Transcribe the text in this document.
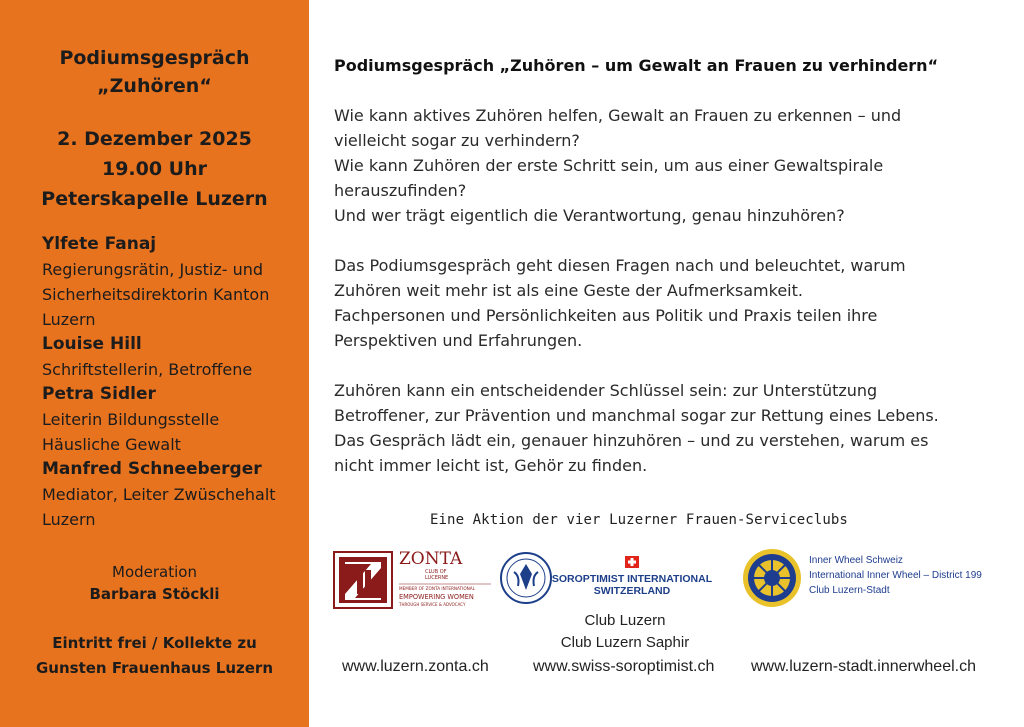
Podiumsgespräch
„Zuhören“
2. Dezember 2025
19.00 Uhr
Peterskapelle Luzern
Ylfete Fanaj
Regierungsrätin, Justiz- und
Sicherheitsdirektorin Kanton
Luzern
Louise Hill
Schriftstellerin, Betroffene
Petra Sidler
Leiterin Bildungsstelle
Häusliche Gewalt
Manfred Schneeberger
Mediator, Leiter Zwüschehalt
Luzern
Moderation
Barbara Stöckli
Eintritt frei / Kollekte zu
Gunsten Frauenhaus Luzern
Podiumsgespräch „Zuhören – um Gewalt an Frauen zu verhindern“

Wie kann aktives Zuhören helfen, Gewalt an Frauen zu erkennen – und
vielleicht sogar zu verhindern?
Wie kann Zuhören der erste Schritt sein, um aus einer Gewaltspirale
herauszufinden?
Und wer trägt eigentlich die Verantwortung, genau hinzuhören?

Das Podiumsgespräch geht diesen Fragen nach und beleuchtet, warum
Zuhören weit mehr ist als eine Geste der Aufmerksamkeit.
Fachpersonen und Persönlichkeiten aus Politik und Praxis teilen ihre
Perspektiven und Erfahrungen.

Zuhören kann ein entscheidender Schlüssel sein: zur Unterstützung
Betroffener, zur Prävention und manchmal sogar zur Rettung eines Lebens.
Das Gespräch lädt ein, genauer hinzuhören – und zu verstehen, warum es
nicht immer leicht ist, Gehör zu finden.

Eine Aktion der vier Luzerner Frauen-Serviceclubs
ZONTA
CLUB OF
LUCERNE
MEMBER OF ZONTA INTERNATIONAL
EMPOWERING WOMEN
THROUGH SERVICE & ADVOCACY
SOROPTIMIST INTERNATIONAL
SWITZERLAND
Inner Wheel Schweiz
International Inner Wheel – District 199
Club Luzern-Stadt
Club Luzern
Club Luzern Saphir
www.luzern.zonta.ch	www.swiss-soroptimist.ch www.luzern-stadt.innerwheel.ch
